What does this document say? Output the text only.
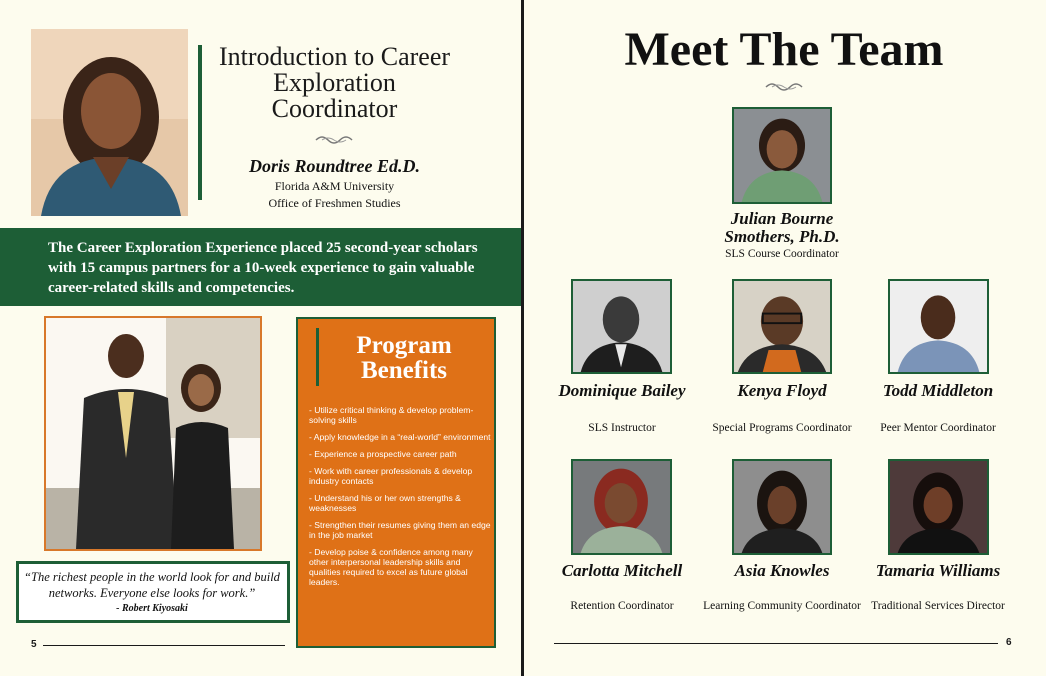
Introduction to Career Exploration Coordinator
Doris Roundtree Ed.D.
Florida A&M University
Office of Freshmen Studies
The Career Exploration Experience placed 25 second-year scholars with 15 campus partners for a 10-week experience to gain valuable career-related skills and competencies.
“The richest people in the world look for and build networks. Everyone else looks for work.”
- Robert Kiyosaki
Program Benefits
- Utilize critical thinking & develop problem-solving skills
- Apply knowledge in a “real-world” environment
- Experience a prospective career path
- Work with career professionals & develop industry contacts
- Understand his or her own strengths & weaknesses
- Strengthen their resumes giving them an edge in the job market
- Develop poise & confidence among many other interpersonal leadership skills and qualities required to excel as future global leaders.
5
Meet The Team
Julian Bourne Smothers, Ph.D.
SLS Course Coordinator
Dominique Bailey
SLS Instructor
Kenya Floyd
Special Programs Coordinator
Todd Middleton
Peer Mentor Coordinator
Carlotta Mitchell
Retention Coordinator
Asia Knowles
Learning Community Coordinator
Tamaria Williams
Traditional Services Director
6
